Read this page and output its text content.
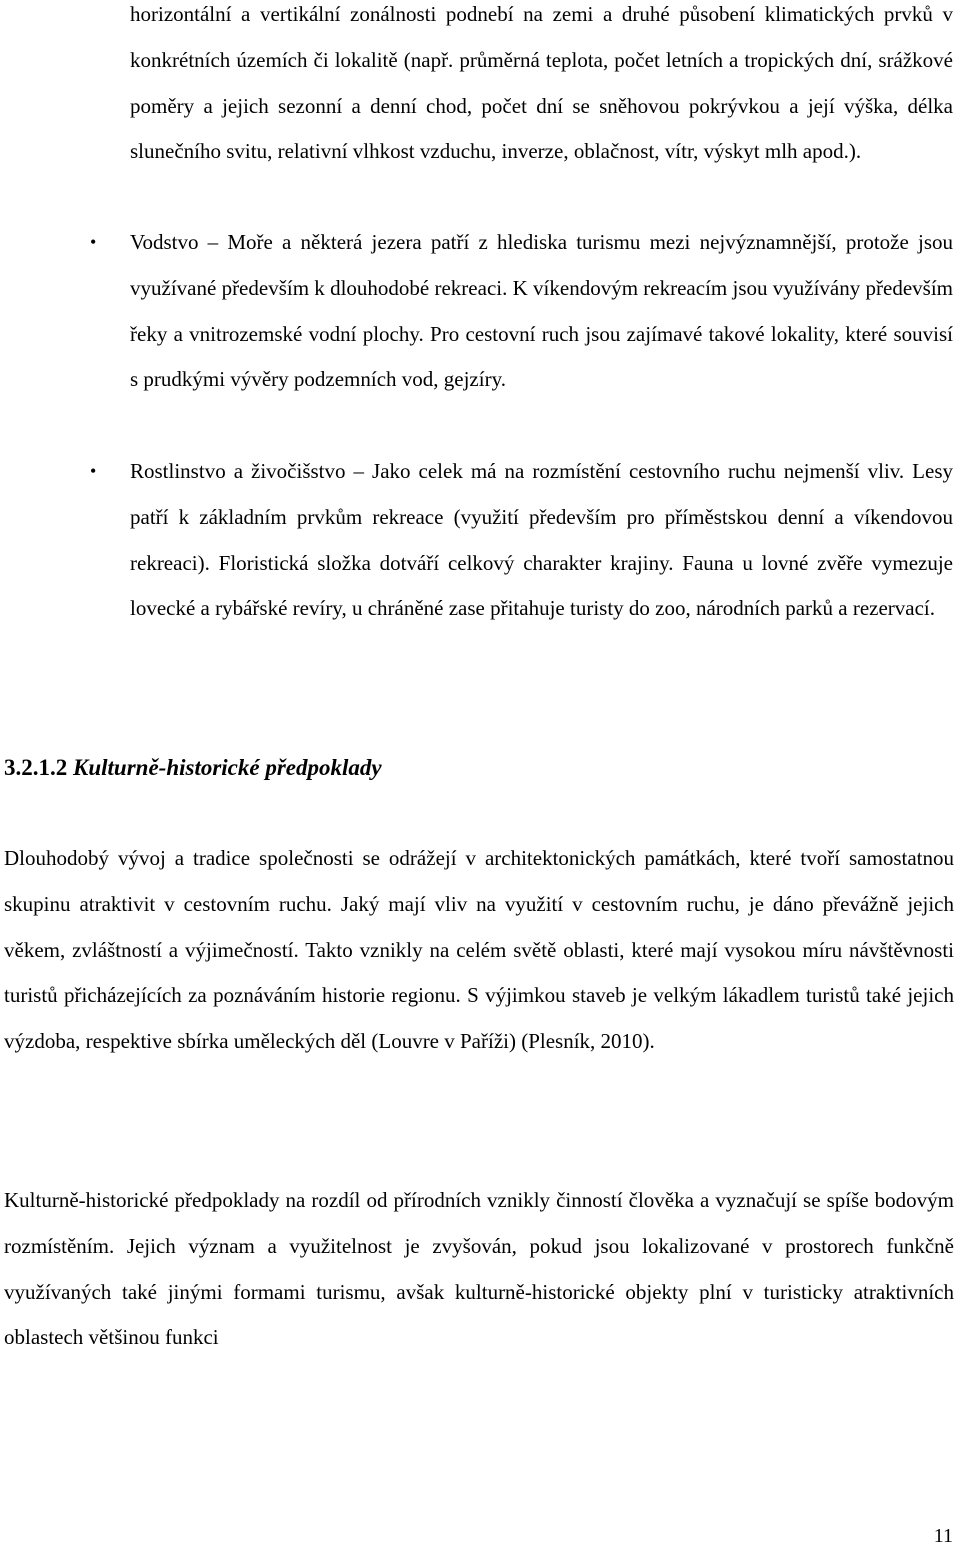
horizontální a vertikální zonálnosti podnebí na zemi a druhé působení klimatických prvků v konkrétních územích či lokalitě (např. průměrná teplota, počet letních a tropických dní, srážkové poměry a jejich sezonní a denní chod, počet dní se sněhovou pokrývkou a její výška, délka slunečního svitu, relativní vlhkost vzduchu, inverze, oblačnost, vítr, výskyt mlh apod.).
• Vodstvo – Moře a některá jezera patří z hlediska turismu mezi nejvýznamnější, protože jsou využívané především k dlouhodobé rekreaci. K víkendovým rekreacím jsou využívány především řeky a vnitrozemské vodní plochy. Pro cestovní ruch jsou zajímavé takové lokality, které souvisí s prudkými vývěry podzemních vod, gejzíry.
• Rostlinstvo a živočišstvo – Jako celek má na rozmístění cestovního ruchu nejmenší vliv. Lesy patří k základním prvkům rekreace (využití především pro příměstskou denní a víkendovou rekreaci). Floristická složka dotváří celkový charakter krajiny. Fauna u lovné zvěře vymezuje lovecké a rybářské revíry, u chráněné zase přitahuje turisty do zoo, národních parků a rezervací.
3.2.1.2 Kulturně-historické předpoklady
Dlouhodobý vývoj a tradice společnosti se odrážejí v architektonických památkách, které tvoří samostatnou skupinu atraktivit v cestovním ruchu. Jaký mají vliv na využití v cestovním ruchu, je dáno převážně jejich věkem, zvláštností a výjimečností. Takto vznikly na celém světě oblasti, které mají vysokou míru návštěvnosti turistů přicházejících za poznáváním historie regionu. S výjimkou staveb je velkým lákadlem turistů také jejich výzdoba, respektive sbírka uměleckých děl (Louvre v Paříži) (Plesník, 2010).
Kulturně-historické předpoklady na rozdíl od přírodních vznikly činností člověka a vyznačují se spíše bodovým rozmístěním. Jejich význam a využitelnost je zvyšován, pokud jsou lokalizované v prostorech funkčně využívaných také jinými formami turismu, avšak kulturně-historické objekty plní v turisticky atraktivních oblastech většinou funkci
11
